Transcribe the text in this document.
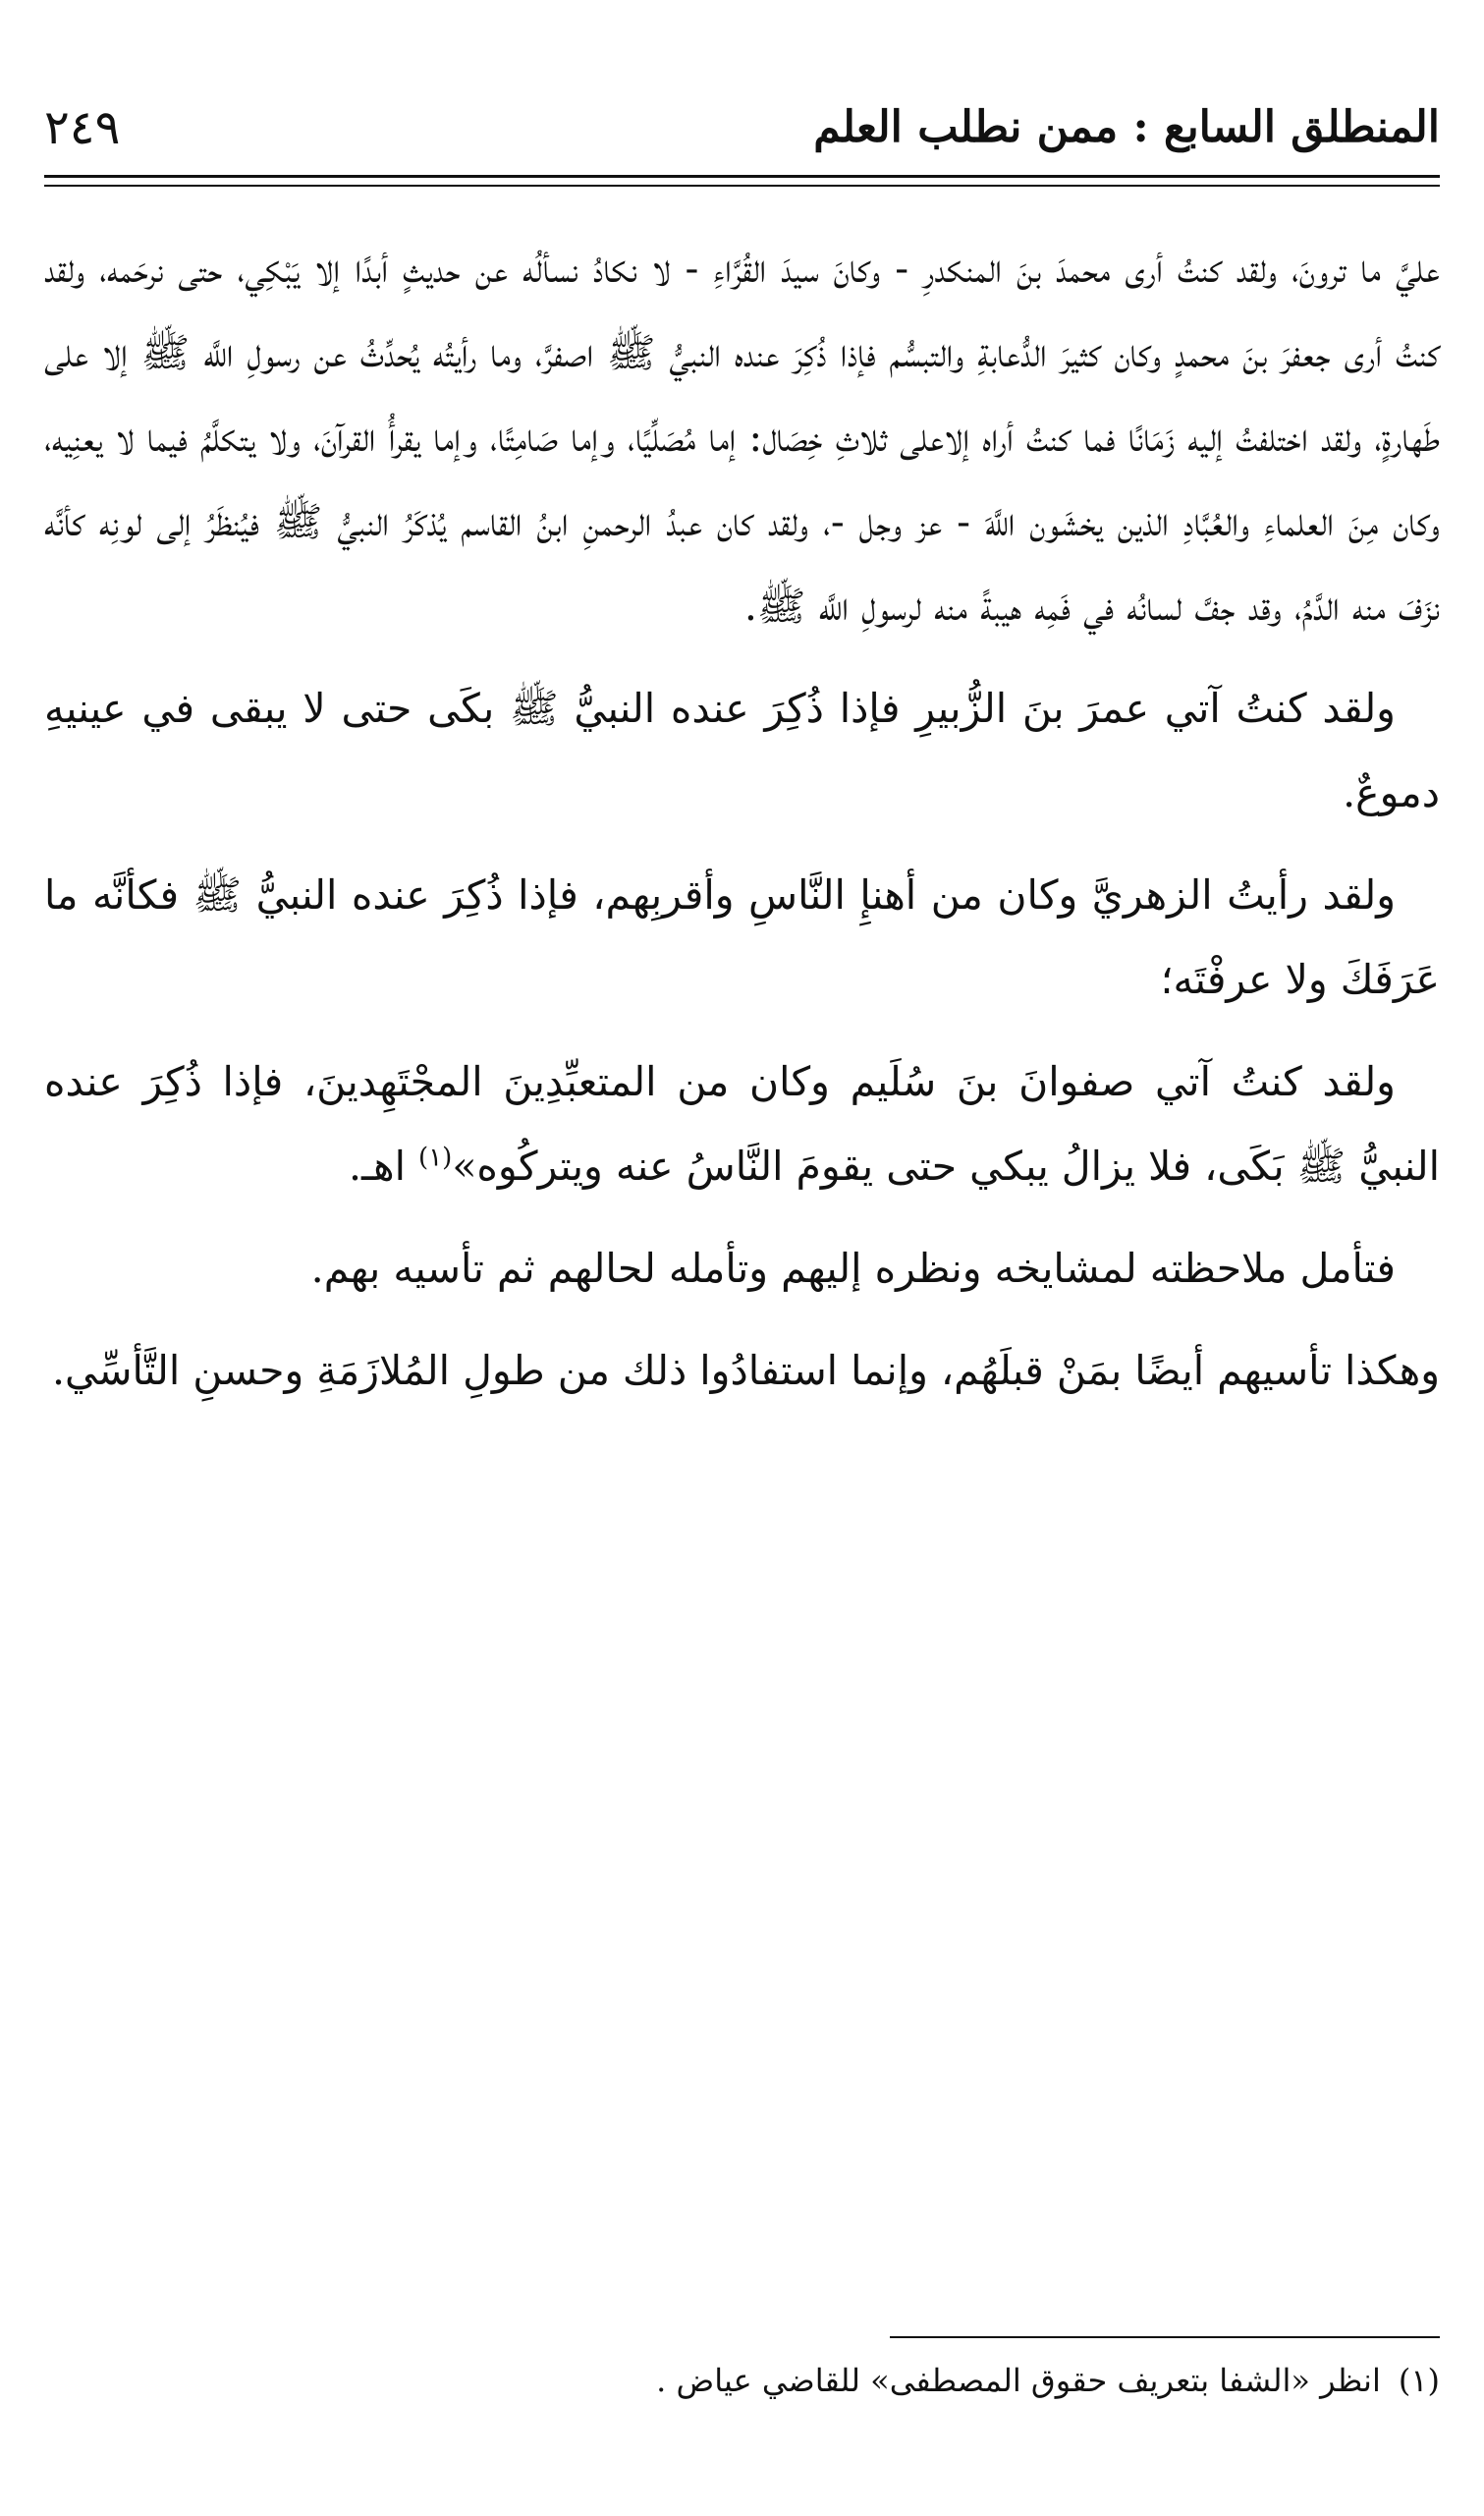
المنطلق السابع : ممن نطلب العلم
٢٤٩

عليَّ ما ترونَ، ولقد كنتُ أرى محمدَ بنَ المنكدرِ - وكانَ سيدَ القُرَّاءِ - لا نكادُ نسألُه عن حديثٍ أبدًا إلا يَبْكِي، حتى نرحَمه، ولقد كنتُ أرى جعفرَ بنَ محمدٍ وكان كثيرَ الدُّعابةِ والتبسُّم فإذا ذُكِرَ عنده النبيُّ ﷺ اصفرَّ، وما رأيتُه يُحدِّثُ عن رسولِ اللَّه ﷺ إلا على طَهارةٍ، ولقد اختلفتُ إليه زَمَانًا فما كنتُ أراه إلاعلى ثلاثِ خِصَال: إما مُصَلِّيًا، وإما صَامِتًا، وإما يقرأُ القرآنَ، ولا يتكلَّمُ فيما لا يعنِيه، وكان مِنَ العلماءِ والعُبَّادِ الذين يخشَون اللَّهَ - عز وجل -، ولقد كان عبدُ الرحمنِ ابنُ القاسم يُذكَرُ النبيُّ ﷺ فيُنظَرُ إلى لونِه كأنَّه نزَفَ منه الدَّمُ، وقد جفَّ لسانُه في فَمِه هيبةً منه لرسولِ اللَّه ﷺ.

ولقد كنتُ آتي عمرَ بنَ الزُّبيرِ فإذا ذُكِرَ عنده النبيُّ ﷺ بكَى حتى لا يبقى في عينيهِ دموعٌ.

ولقد رأيتُ الزهريَّ وكان من أهنإِ النَّاسِ وأقربِهم، فإذا ذُكِرَ عنده النبيُّ ﷺ فكأنَّه ما عَرَفَكَ ولا عرفْتَه؛

ولقد كنتُ آتي صفوانَ بنَ سُلَيم وكان من المتعبِّدِينَ المجْتَهِدينَ، فإذا ذُكِرَ عنده النبيُّ ﷺ بَكَى، فلا يزالُ يبكي حتى يقومَ النَّاسُ عنه ويتركُوه»$^{(١)}$ اهـ.

فتأمل ملاحظته لمشايخه ونظره إليهم وتأمله لحالهم ثم تأسيه بهم.

وهكذا تأسيهم أيضًا بمَنْ قبلَهُم، وإنما استفادُوا ذلك من طولِ المُلازَمَةِ وحسنِ التَّأسِّي.

(١)انظر «الشفا بتعريف حقوق المصطفى» للقاضي عياض .
